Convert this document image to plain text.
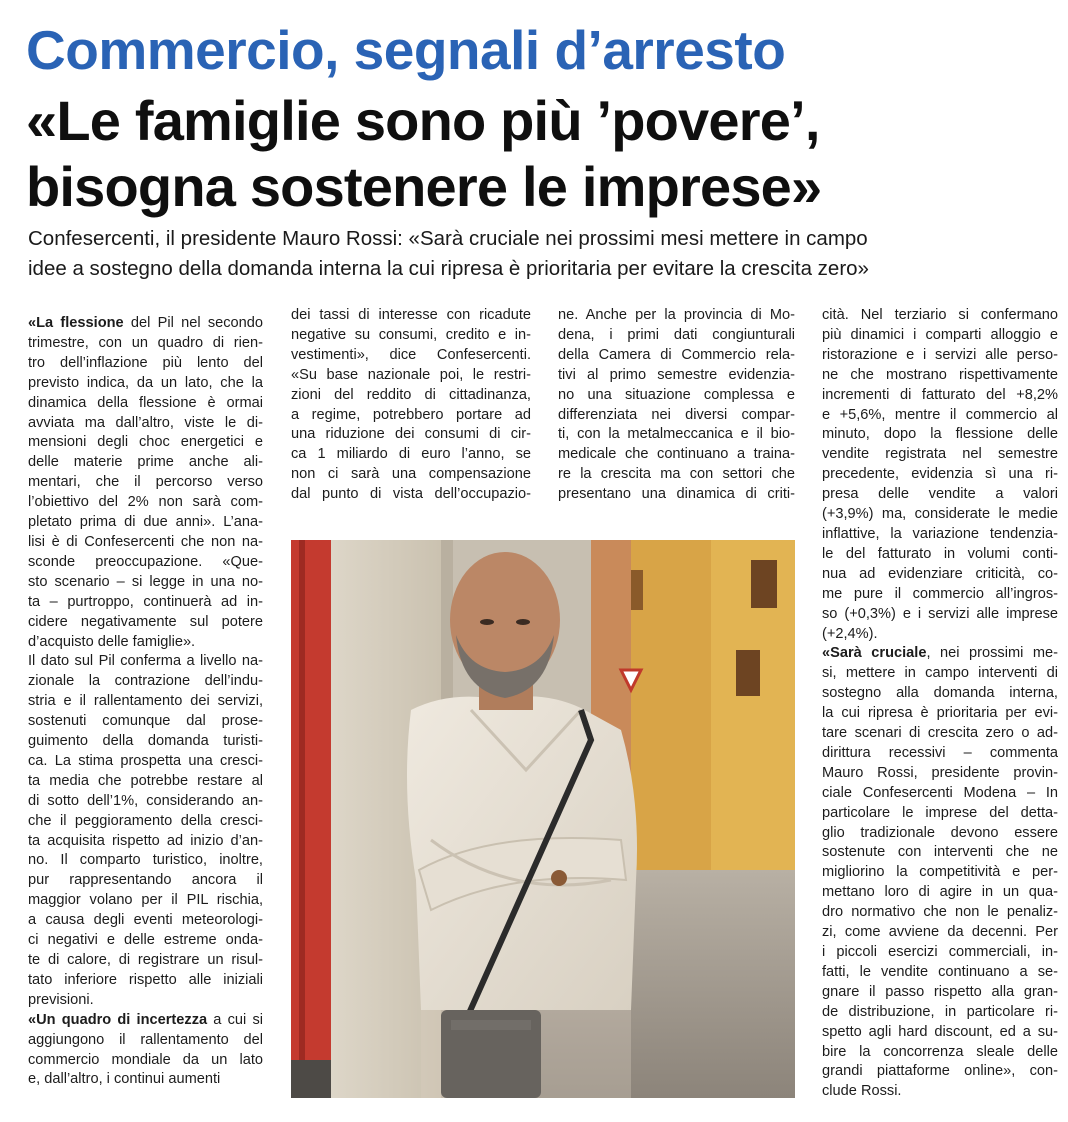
Commercio, segnali d’arresto
«Le famiglie sono più ’povere’,
bisogna sostenere le imprese»
Confesercenti, il presidente Mauro Rossi: «Sarà cruciale nei prossimi mesi mettere in campo
idee a sostegno della domanda interna la cui ripresa è prioritaria per evitare la crescita zero»
«La flessione del Pil nel secondo
trimestre, con un quadro di rien-
tro dell’inflazione più lento del
previsto indica, da un lato, che la
dinamica della flessione è ormai
avviata ma dall’altro, viste le di-
mensioni degli choc energetici e
delle materie prime anche ali-
mentari, che il percorso verso
l’obiettivo del 2% non sarà com-
pletato prima di due anni». L’ana-
lisi è di Confesercenti che non na-
sconde preoccupazione. «Que-
sto scenario – si legge in una no-
ta – purtroppo, continuerà ad in-
cidere negativamente sul potere
d’acquisto delle famiglie».
Il dato sul Pil conferma a livello na-
zionale la contrazione dell’indu-
stria e il rallentamento dei servizi,
sostenuti comunque dal prose-
guimento della domanda turisti-
ca. La stima prospetta una cresci-
ta media che potrebbe restare al
di sotto dell’1%, considerando an-
che il peggioramento della cresci-
ta acquisita rispetto ad inizio d’an-
no. Il comparto turistico, inoltre,
pur rappresentando ancora il
maggior volano per il PIL rischia,
a causa degli eventi meteorologi-
ci negativi e delle estreme onda-
te di calore, di registrare un risul-
tato inferiore rispetto alle iniziali
previsioni.
«Un quadro di incertezza a cui si
aggiungono il rallentamento del
commercio mondiale da un lato
e, dall’altro, i continui aumenti
dei tassi di interesse con ricadute
negative su consumi, credito e in-
vestimenti», dice Confesercenti.
«Su base nazionale poi, le restri-
zioni del reddito di cittadinanza,
a regime, potrebbero portare ad
una riduzione dei consumi di cir-
ca 1 miliardo di euro l’anno, se
non ci sarà una compensazione
dal punto di vista dell’occupazio-
ne. Anche per la provincia di Mo-
dena, i primi dati congiunturali
della Camera di Commercio rela-
tivi al primo semestre evidenzia-
no una situazione complessa e
differenziata nei diversi compar-
ti, con la metalmeccanica e il bio-
medicale che continuano a traina-
re la crescita ma con settori che
presentano una dinamica di criti-
cità. Nel terziario si confermano
più dinamici i comparti alloggio e
ristorazione e i servizi alle perso-
ne che mostrano rispettivamente
incrementi di fatturato del +8,2%
e +5,6%, mentre il commercio al
minuto, dopo la flessione delle
vendite registrata nel semestre
precedente, evidenzia sì una ri-
presa delle vendite a valori
(+3,9%) ma, considerate le medie
inflattive, la variazione tendenzia-
le del fatturato in volumi conti-
nua ad evidenziare criticità, co-
me pure il commercio all’ingros-
so (+0,3%) e i servizi alle imprese
(+2,4%).
«Sarà cruciale, nei prossimi me-
si, mettere in campo interventi di
sostegno alla domanda interna,
la cui ripresa è prioritaria per evi-
tare scenari di crescita zero o ad-
dirittura recessivi – commenta
Mauro Rossi, presidente provin-
ciale Confesercenti Modena – In
particolare le imprese del detta-
glio tradizionale devono essere
sostenute con interventi che ne
migliorino la competitività e per-
mettano loro di agire in un qua-
dro normativo che non le penaliz-
zi, come avviene da decenni. Per
i piccoli esercizi commerciali, in-
fatti, le vendite continuano a se-
gnare il passo rispetto alla gran-
de distribuzione, in particolare ri-
spetto agli hard discount, ed a su-
bire la concorrenza sleale delle
grandi piattaforme online», con-
clude Rossi.
